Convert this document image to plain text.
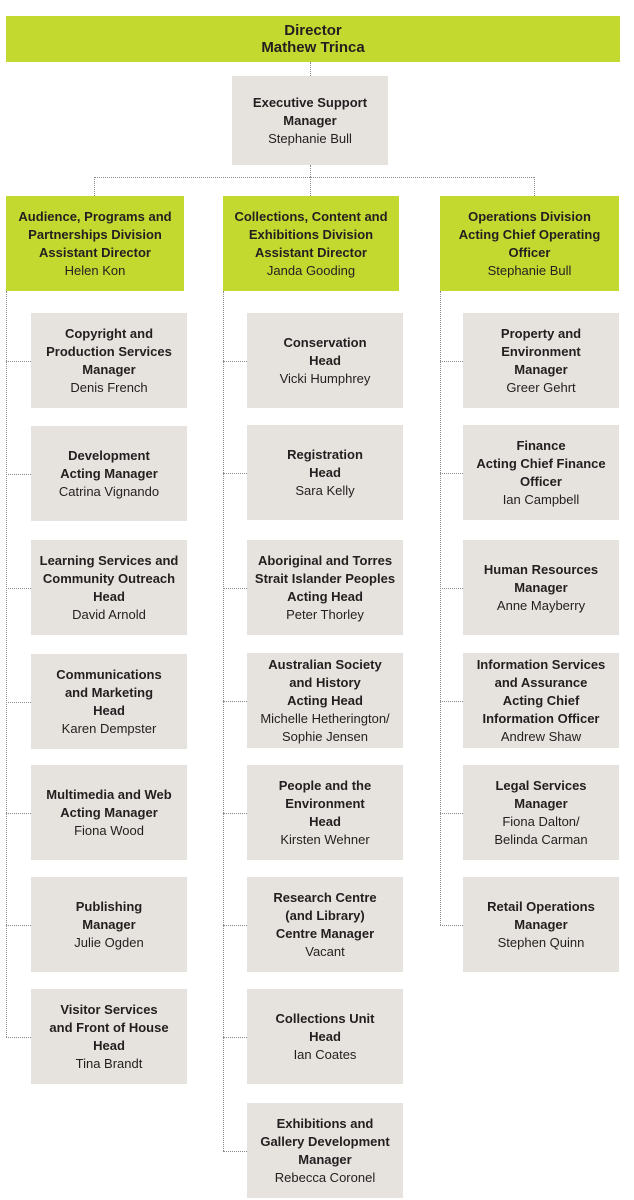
Director
Mathew Trinca
Executive Support
Manager
Stephanie Bull
Audience, Programs and
Partnerships Division
Assistant Director
Helen Kon
Copyright and
Production Services
Manager
Denis French
Development
Acting Manager
Catrina Vignando
Learning Services and
Community Outreach
Head
David Arnold
Communications
and Marketing
Head
Karen Dempster
Multimedia and Web
Acting Manager
Fiona Wood
Publishing
Manager
Julie Ogden
Visitor Services
and Front of House
Head
Tina Brandt
Collections, Content and
Exhibitions Division
Assistant Director
Janda Gooding
Conservation
Head
Vicki Humphrey
Registration
Head
Sara Kelly
Aboriginal and Torres
Strait Islander Peoples
Acting Head
Peter Thorley
Australian Society
and History
Acting Head
Michelle Hetherington/
Sophie Jensen
People and the
Environment
Head
Kirsten Wehner
Research Centre
(and Library)
Centre Manager
Vacant
Collections Unit
Head
Ian Coates
Exhibitions and
Gallery Development
Manager
Rebecca Coronel
Operations Division
Acting Chief Operating
Officer
Stephanie Bull
Property and
Environment
Manager
Greer Gehrt
Finance
Acting Chief Finance
Officer
Ian Campbell
Human Resources
Manager
Anne Mayberry
Information Services
and Assurance
Acting Chief
Information Officer
Andrew Shaw
Legal Services
Manager
Fiona Dalton/
Belinda Carman
Retail Operations
Manager
Stephen Quinn
